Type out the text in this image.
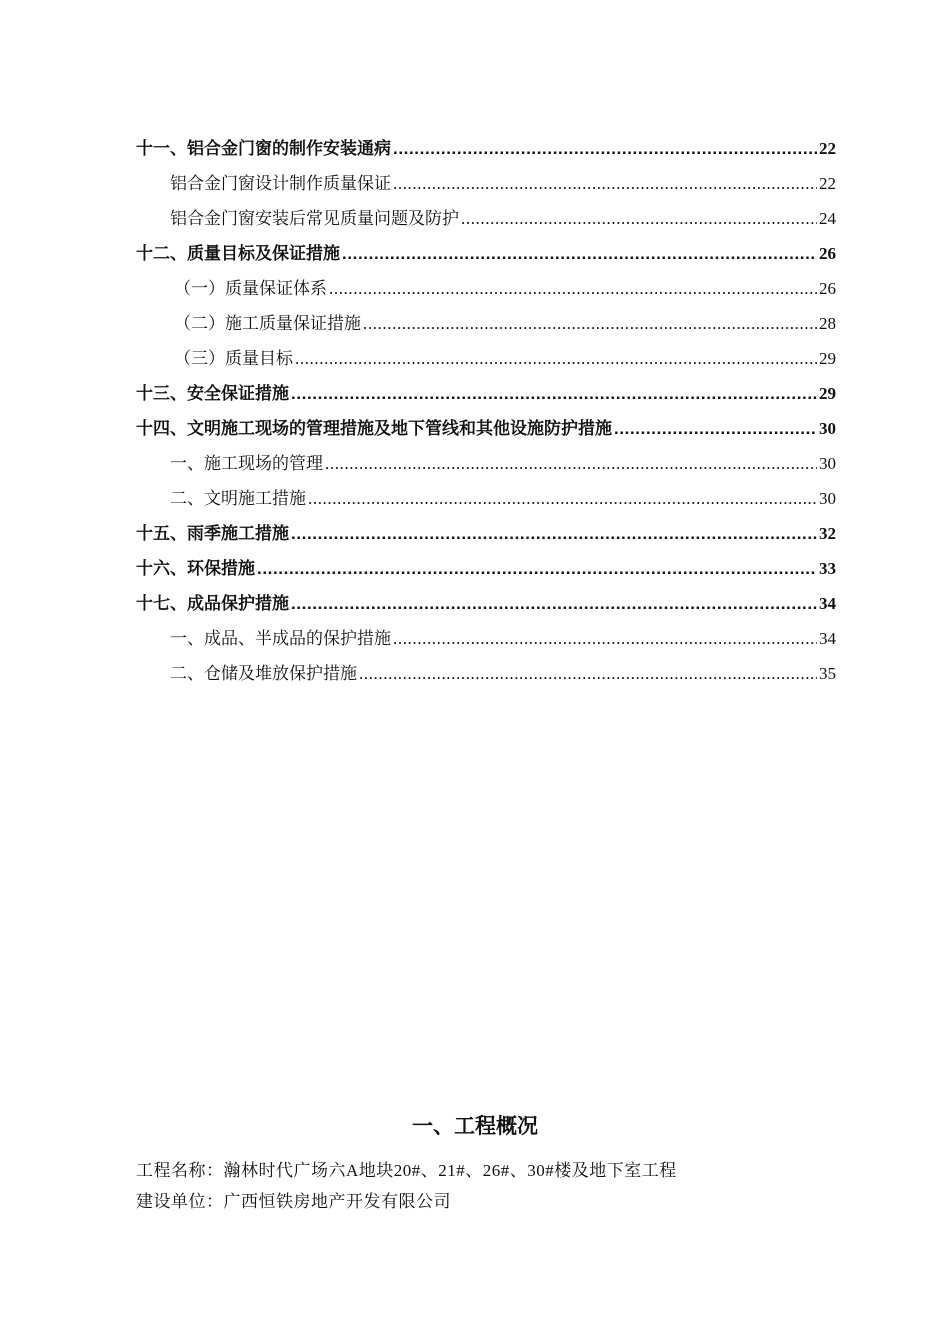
十一、铝合金门窗的制作安装通病 .....	22
铝合金门窗设计制作质量保证 .....	22
铝合金门窗安装后常见质量问题及防护 .....	24
十二、质量目标及保证措施 .....	26
（一）质量保证体系 .....	26
（二）施工质量保证措施 .....	28
（三）质量目标 .....	29
十三、安全保证措施 .....	29
十四、文明施工现场的管理措施及地下管线和其他设施防护措施 .....	30
一、施工现场的管理 .....	30
二、文明施工措施 .....	30
十五、雨季施工措施 .....	32
十六、环保措施 .....	33
十七、成品保护措施 .....	34
一、成品、半成品的保护措施 .....	34
二、仓储及堆放保护措施 .....	35
一、工程概况
工程名称：瀚林时代广场六A地块20#、21#、26#、30#楼及地下室工程
建设单位：广西恒铁房地产开发有限公司
